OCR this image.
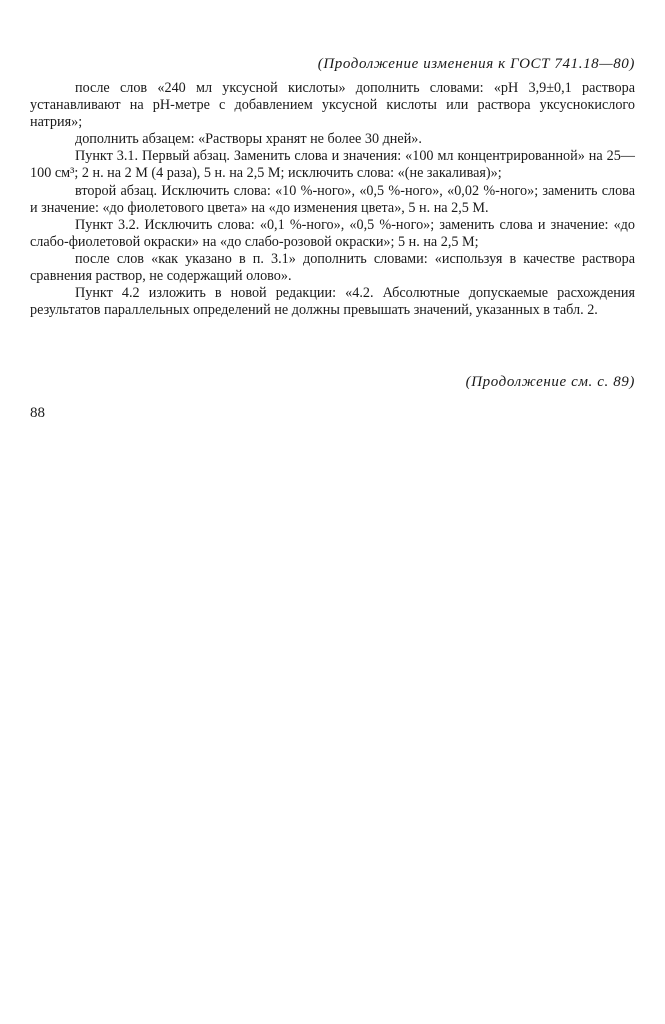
(Продолжение изменения к ГОСТ 741.18—80)

после слов «240 мл уксусной кислоты» дополнить словами: «рН 3,9±0,1 раствора устанавливают на рН-метре с добавлением уксусной кислоты или раствора уксуснокислого натрия»;

дополнить абзацем: «Растворы хранят не более 30 дней».

Пункт 3.1. Первый абзац. Заменить слова и значения: «100 мл концентрированной» на 25—100 см³; 2 н. на 2 М (4 раза), 5 н. на 2,5 М; исключить слова: «(не закаливая)»;

второй абзац. Исключить слова: «10 %-ного», «0,5 %-ного», «0,02 %-ного»; заменить слова и значение: «до фиолетового цвета» на «до изменения цвета», 5 н. на 2,5 М.

Пункт 3.2. Исключить слова: «0,1 %-ного», «0,5 %-ного»; заменить слова и значение: «до слабо-фиолетовой окраски» на «до слабо-розовой окраски»; 5 н. на 2,5 М;

после слов «как указано в п. 3.1» дополнить словами: «используя в качестве раствора сравнения раствор, не содержащий олово».

Пункт 4.2 изложить в новой редакции: «4.2. Абсолютные допускаемые расхождения результатов параллельных определений не должны превышать значений, указанных в табл. 2.

(Продолжение см. с. 89)
88
